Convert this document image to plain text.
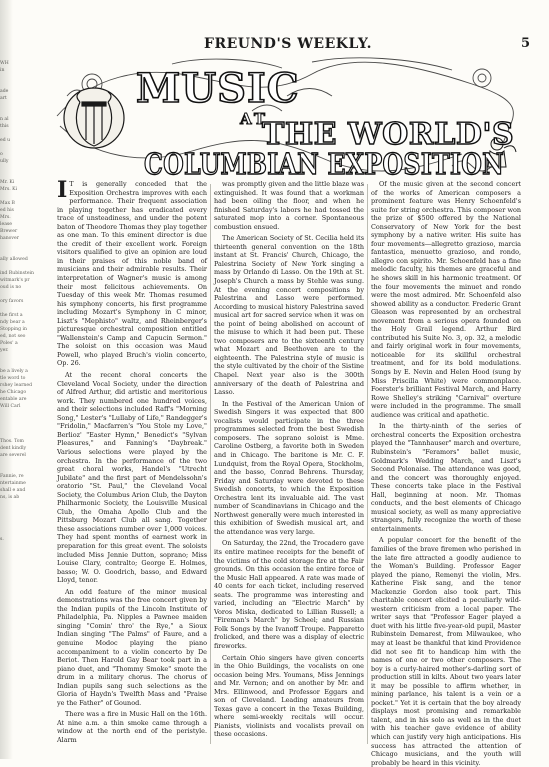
WH
in

ade
art

n al
this

ed u

o
ully

Mr. Ki
Mrs. Ki

Max B
ed his
Mrs.
lease
Brewer
hanover

ally allowed

ind Rubinstein
witmark's pr
oud is no

ory favors

the first a
ndy bear a
Stopping in
ed, not seo
Poles' a
yer.

be a lively a
tle word to
rshey learned
he Chicago
entable are
Will Carl

Thos. Tom
dent kindly
are severel

Fannie, re
ntertainme
shall e and
ns, is ab

s.
FREUND'S WEEKLY.	5
MUSIC
AT
THE WORLD'S
COLUMBIAN EXPOSITION

I T is generally conceded that the Exposition Orchestra improves with each performance. Their frequent association in playing together has eradicated every trace of unsteadiness, and under the potent baton of Theodore Thomas they play together as one man. To this eminent director is due the credit of their excellent work. Foreign visitors qualified to give an opinion are loud in their praises of this noble band of musicians and their admirable results. Their interpretation of Wagner's music is among their most felicitous achievements. On Tuesday of this week Mr. Thomas resumed his symphony concerts, his first programme including Mozart's Symphony in C minor, Liszt's "Mephisto" waltz, and Rheinberger's picturesque orchestral composition entitled "Wallenstein's Camp and Capucin Sermon." The soloist on this occasion was Maud Powell, who played Bruch's violin concerto, Op. 26.

At the recent choral concerts the Cleveland Vocal Society, under the direction of Alfred Arthur, did artistic and meritorious work. They numbered one hundred voices, and their selections included Raff's "Morning Song," Lester's "Lullaby of Life," Randegger's "Fridolin," Macfarren's "You Stole my Love," Berlioz' "Easter Hymn," Benedict's "Sylvan Pleasures," and Fanning's "Daybreak." Various selections were played by the orchestra. In the performance of the two great choral works, Handel's "Utrecht Jubilate" and the first part of Mendelssohn's oratorio "St. Paul," the Cleveland Vocal Society, the Columbus Arion Club, the Dayton Philharmonic Society, the Louisville Musical Club, the Omaha Apollo Club and the Pittsburg Mozart Club all sang. Together these associations number over 1,000 voices. They had spent months of earnest work in preparation for this great event. The soloists included Miss Jennie Dutton, soprano; Miss Louise Clary, contralto; George E. Holmes, basso; W. O. Goodrich, basso, and Edward Lloyd, tenor.

An odd feature of the minor musical demonstrations was the free concert given by the Indian pupils of the Lincoln Institute of Philadelphia, Pa. Nipples a Pawnee maiden singing "Comin' thro' the Rye," a Sioux Indian singing "The Palms" of Faure, and a genuine Modoc playing the piano accompaniment to a violin concerto by De Beriot. Then Harold Gay Bear took part in a piano duet, and "Thommy Smoke" smote the drum in a military chorus. The chorus of Indian pupils sang such selections as the Gloria of Haydn's Twelfth Mass and "Praise ye the Father" of Gounod.

There was a fire in Music Hall on the 16th. At nine a.m. a thin smoke came through a window at the north end of the peristyle. Alarm

was promptly given and the little blaze was extinguished. It was found that a workman had been oiling the floor, and when he finished Saturday's labors he had tossed the saturated mop into a corner. Spontaneous combustion ensued.

The American Society of St. Cecilia held its thirteenth general convention on the 18th instant at St. Francis' Church, Chicago, the Palestrina Society of New York singing a mass by Orlando di Lasso. On the 19th at St. Joseph's Church a mass by Stehle was sung. At the evening concert compositions by Palestrina and Lasso were performed. According to musical history Palestrina saved musical art for sacred service when it was on the point of being abolished on account of the misuse to which it had been put. These two composers are to the sixteenth century what Mozart and Beethoven are to the eighteenth. The Palestrina style of music is the style cultivated by the choir of the Sistine Chapel. Next year also is the 300th anniversary of the death of Palestrina and Lasso.

In the Festival of the American Union of Swedish Singers it was expected that 800 vocalists would participate in the three programmes selected from the best Swedish composers. The soprano soloist is Mme. Caroline Ostberg, a favorite both in Sweden and in Chicago. The baritone is Mr. C. F. Lundquist, from the Royal Opera, Stockholm, and the basso, Conrad Behrens. Thursday, Friday and Saturday were devoted to these Swedish concerts, to which the Exposition Orchestra lent its invaluable aid. The vast number of Scandinavians in Chicago and the Northwest generally were much interested in this exhibition of Swedish musical art, and the attendance was very large.

On Saturday, the 22nd, the Trocadero gave its entire matinee receipts for the benefit of the victims of the cold storage fire at the Fair grounds. On this occasion the entire force of the Music Hall appeared. A rate was made of 40 cents for each ticket, including reserved seats. The programme was interesting and varied, including an "Electric March" by Voros Miska, dedicated to Lillian Russell; a "Fireman's March" by Scheel; and Russian Folk Songs by the Ivanoff Troupe. Papparetto frolicked, and there was a display of electric fireworks.

Certain Ohio singers have given concerts in the Ohio Buildings, the vocalists on one occasion being Mrs. Youmans, Miss Jennings and Mr. Vernon; and on another by Mr. and Mrs. Ellinwood, and Professor Eggars and son of Cleveland. Leading amateurs from Texas gave a concert in the Texas Building, where semi-weekly recitals will occur. Pianists, violinists and vocalists prevail on these occasions.

Of the music given at the second concert of the works of American composers a prominent feature was Henry Schoenfeld's suite for string orchestra. This composer won the prize of $500 offered by the National Conservatory of New York for the best symphony by a native writer. His suite has four movements—allegretto grazioso, marcia fantastica, menuetto grazioso, and rondo, allegro con spirito. Mr. Schoenfeld has a fine melodic faculty, his themes are graceful and he shows skill in his harmonic treatment. Of the four movements the minuet and rondo were the most admired. Mr. Schoenfeld also showed ability as a conductor. Frederic Grant Gleason was represented by an orchestral movement from a serious opera founded on the Holy Grail legend. Arthur Bird contributed his Suite No. 3, op. 32, a melodic and fairly original work in four movements, noticeable for its skillful orchestral treatment, and for its bold modulations. Songs by E. Nevin and Helen Hood (sung by Miss Priscilla White) were commonplace. Foerster's brilliant Festival March, and Harry Rowe Shelley's striking "Carnival" overture were included in the programme. The small audience was critical and apathetic.

In the thirty-ninth of the series of orchestral concerts the Exposition orchestra played the "Tannhauser" march and overture, Rubinstein's "Feramors" ballet music, Goldmark's Wedding March, and Liszt's Second Polonaise. The attendance was good, and the concert was thoroughly enjoyed. These concerts take place in the Festival Hall, beginning at noon. Mr. Thomas conducts, and the best elements of Chicago musical society, as well as many appreciative strangers, fully recognize the worth of these entertainments.

A popular concert for the benefit of the families of the brave firemen who perished in the late fire attracted a goodly audience to the Woman's Building. Professor Eager played the piano, Remenyi the violin, Mrs. Katherine Fisk sang, and the tenor Mackenzie Gordon also took part. This charitable concert elicited a peculiarly wild-western criticism from a local paper. The writer says that "Professor Eager played a duet with his little five-year-old pupil, Master Rubinstein Demarest, from Milwaukee, who may at least be thankful that kind Providence did not see fit to handicap him with the names of one or two other composers. The boy is a curly-haired mother's-darling sort of production still in kilts. About two years later it may be possible to affirm whether, in mining parlance, his talent is a vein or a pocket." Yet it is certain that the boy already displays most promising and remarkable talent, and in his solo as well as in the duet with his teacher gave evidence of ability which can justify very high anticipations. His success has attracted the attention of Chicago musicians, and the youth will probably be heard in this vicinity.
